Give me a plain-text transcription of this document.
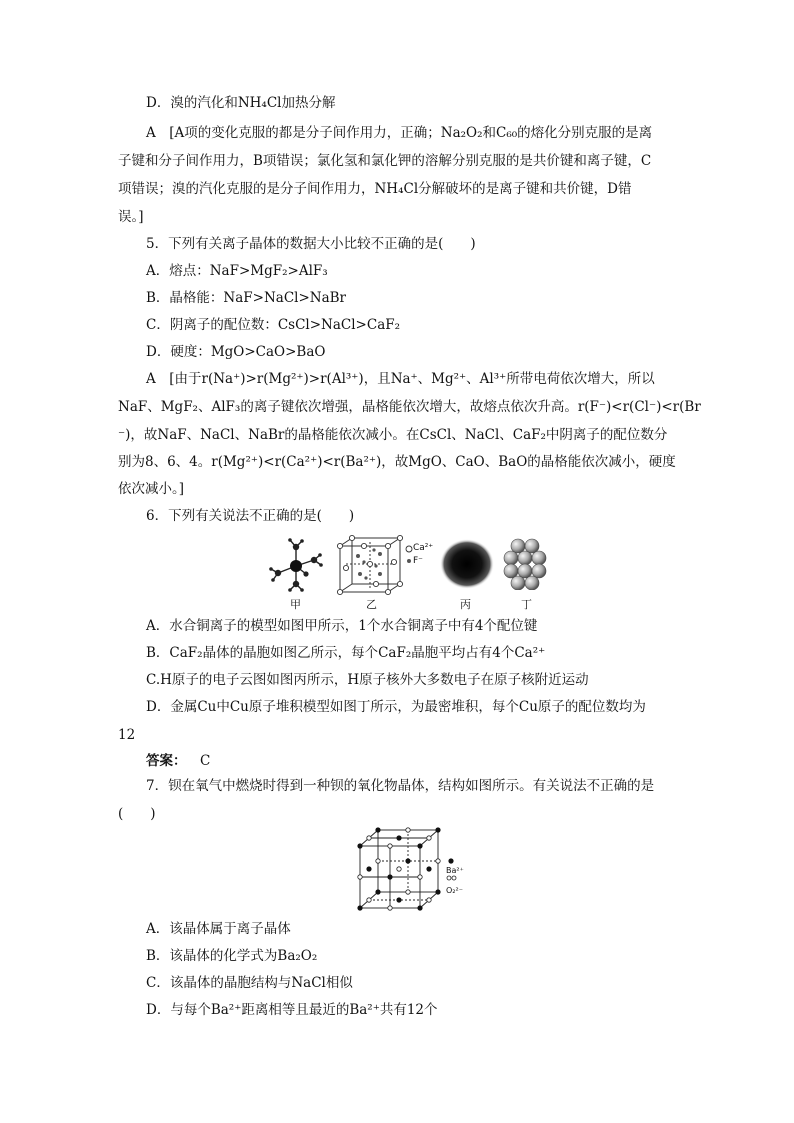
D．溴的汽化和NH₄Cl加热分解
A　[A项的变化克服的都是分子间作用力，正确；Na₂O₂和C₆₀的熔化分别克服的是离
子键和分子间作用力，B项错误；氯化氢和氯化钾的溶解分别克服的是共价键和离子键，C
项错误；溴的汽化克服的是分子间作用力，NH₄Cl分解破坏的是离子键和共价键，D错
误。]
5．下列有关离子晶体的数据大小比较不正确的是(　　)
A．熔点：NaF>MgF₂>AlF₃
B．晶格能：NaF>NaCl>NaBr
C．阴离子的配位数：CsCl>NaCl>CaF₂
D．硬度：MgO>CaO>BaO
A　[由于r(Na⁺)>r(Mg²⁺)>r(Al³⁺)，且Na⁺、Mg²⁺、Al³⁺所带电荷依次增大，所以
NaF、MgF₂、AlF₃的离子键依次增强，晶格能依次增大，故熔点依次升高。r(F⁻)<r(Cl⁻)<r(Br
⁻)，故NaF、NaCl、NaBr的晶格能依次减小。在CsCl、NaCl、CaF₂中阴离子的配位数分
别为8、6、4。r(Mg²⁺)<r(Ca²⁺)<r(Ba²⁺)，故MgO、CaO、BaO的晶格能依次减小，硬度
依次减小。]
6．下列有关说法不正确的是(　　)
甲
Ca²⁺
F⁻
乙	丙	丁
A．水合铜离子的模型如图甲所示，1个水合铜离子中有4个配位键
B．CaF₂晶体的晶胞如图乙所示，每个CaF₂晶胞平均占有4个Ca²⁺
C.H原子的电子云图如图丙所示，H原子核外大多数电子在原子核附近运动
D．金属Cu中Cu原子堆积模型如图丁所示，为最密堆积，每个Cu原子的配位数均为
12
答案： C
7．钡在氧气中燃烧时得到一种钡的氧化物晶体，结构如图所示。有关说法不正确的是
(　　)
Ba²⁺
O₂²⁻
A．该晶体属于离子晶体
B．该晶体的化学式为Ba₂O₂
C．该晶体的晶胞结构与NaCl相似
D．与每个Ba²⁺距离相等且最近的Ba²⁺共有12个
